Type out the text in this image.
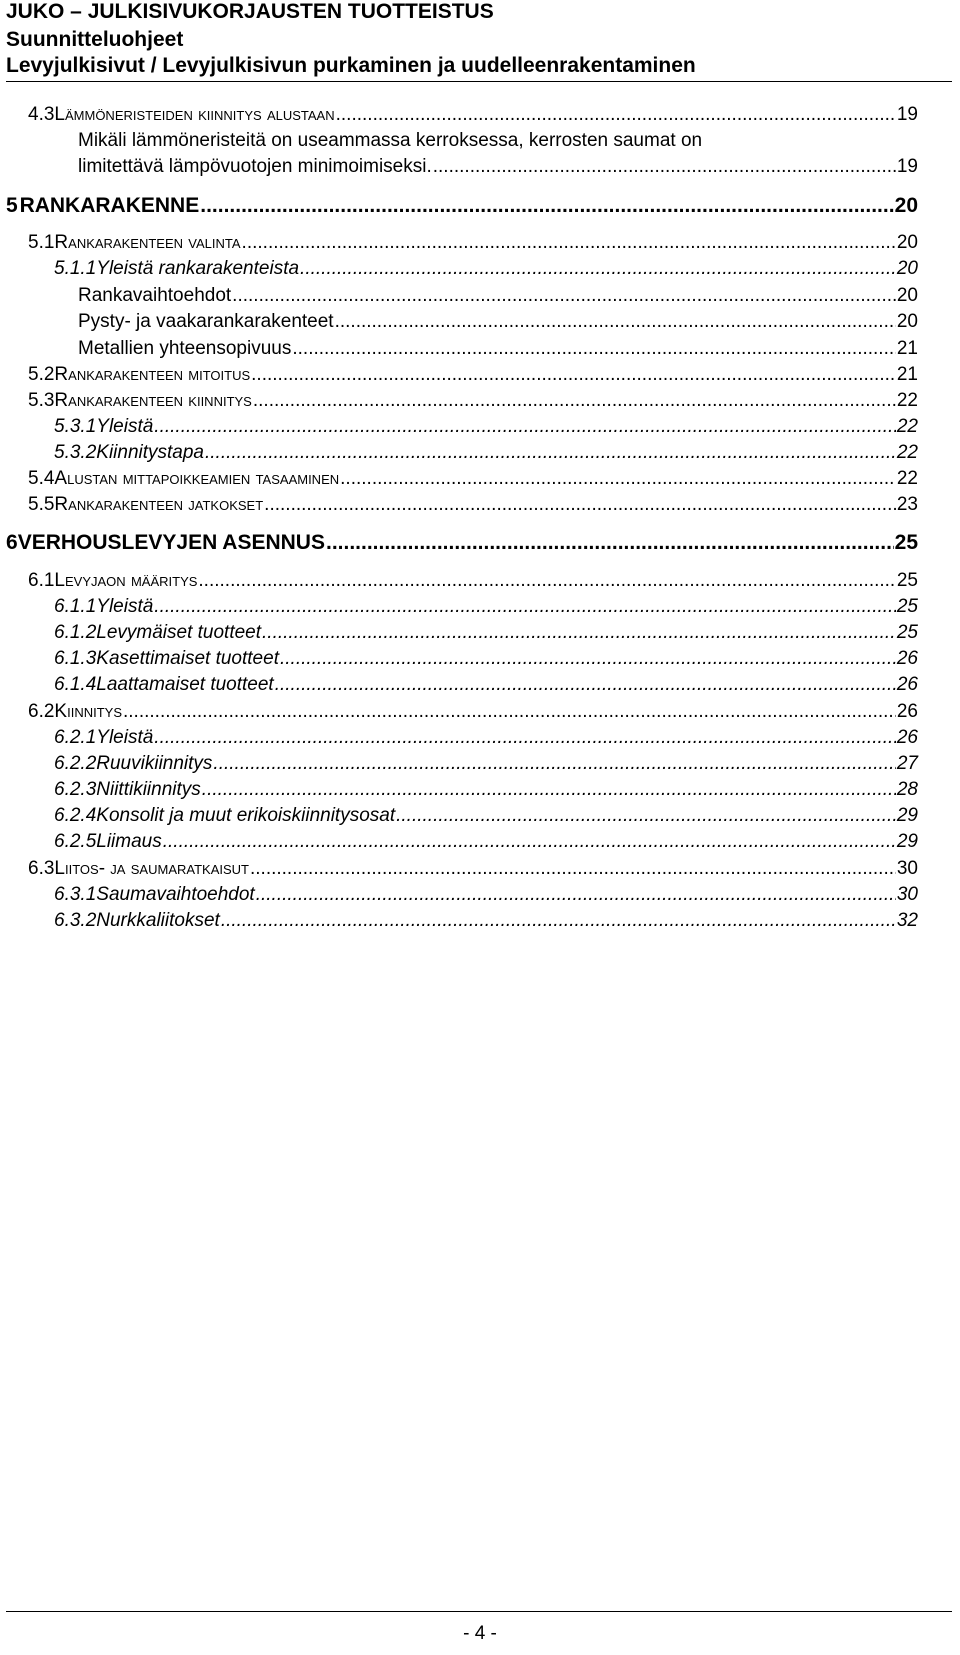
JUKO – JULKISIVUKORJAUSTEN TUOTTEISTUS
Suunnitteluohjeet
Levyjulkisivut / Levyjulkisivun purkaminen ja uudelleenrakentaminen
4.3 Lämmöneristeiden kiinnitys alustaan .....	19
Mikäli lämmöneristeitä on useammassa kerroksessa, kerrosten saumat on
limitettävä lämpövuotojen minimoimiseksi. .....	19
5 RANKARAKENNE .....	20
5.1 Rankarakenteen valinta .....	20
5.1.1 Yleistä rankarakenteista .....	20
Rankavaihtoehdot .....	20
Pysty- ja vaakarankarakenteet .....	20
Metallien yhteensopivuus .....	21
5.2 Rankarakenteen mitoitus .....	21
5.3 Rankarakenteen kiinnitys .....	22
5.3.1 Yleistä .....	22
5.3.2 Kiinnitystapa .....	22
5.4 Alustan mittapoikkeamien tasaaminen .....	22
5.5 Rankarakenteen jatkokset .....	23
6 VERHOUSLEVYJEN ASENNUS .....	25
6.1 Levyjaon määritys .....	25
6.1.1 Yleistä .....	25
6.1.2 Levymäiset tuotteet .....	25
6.1.3 Kasettimaiset tuotteet .....	26
6.1.4 Laattamaiset tuotteet .....	26
6.2 Kiinnitys .....	26
6.2.1 Yleistä .....	26
6.2.2 Ruuvikiinnitys .....	27
6.2.3 Niittikiinnitys .....	28
6.2.4 Konsolit ja muut erikoiskiinnitysosat .....	29
6.2.5 Liimaus .....	29
6.3 Liitos- ja saumaratkaisut .....	30
6.3.1 Saumavaihtoehdot .....	30
6.3.2 Nurkkaliitokset .....	32
- 4 -
